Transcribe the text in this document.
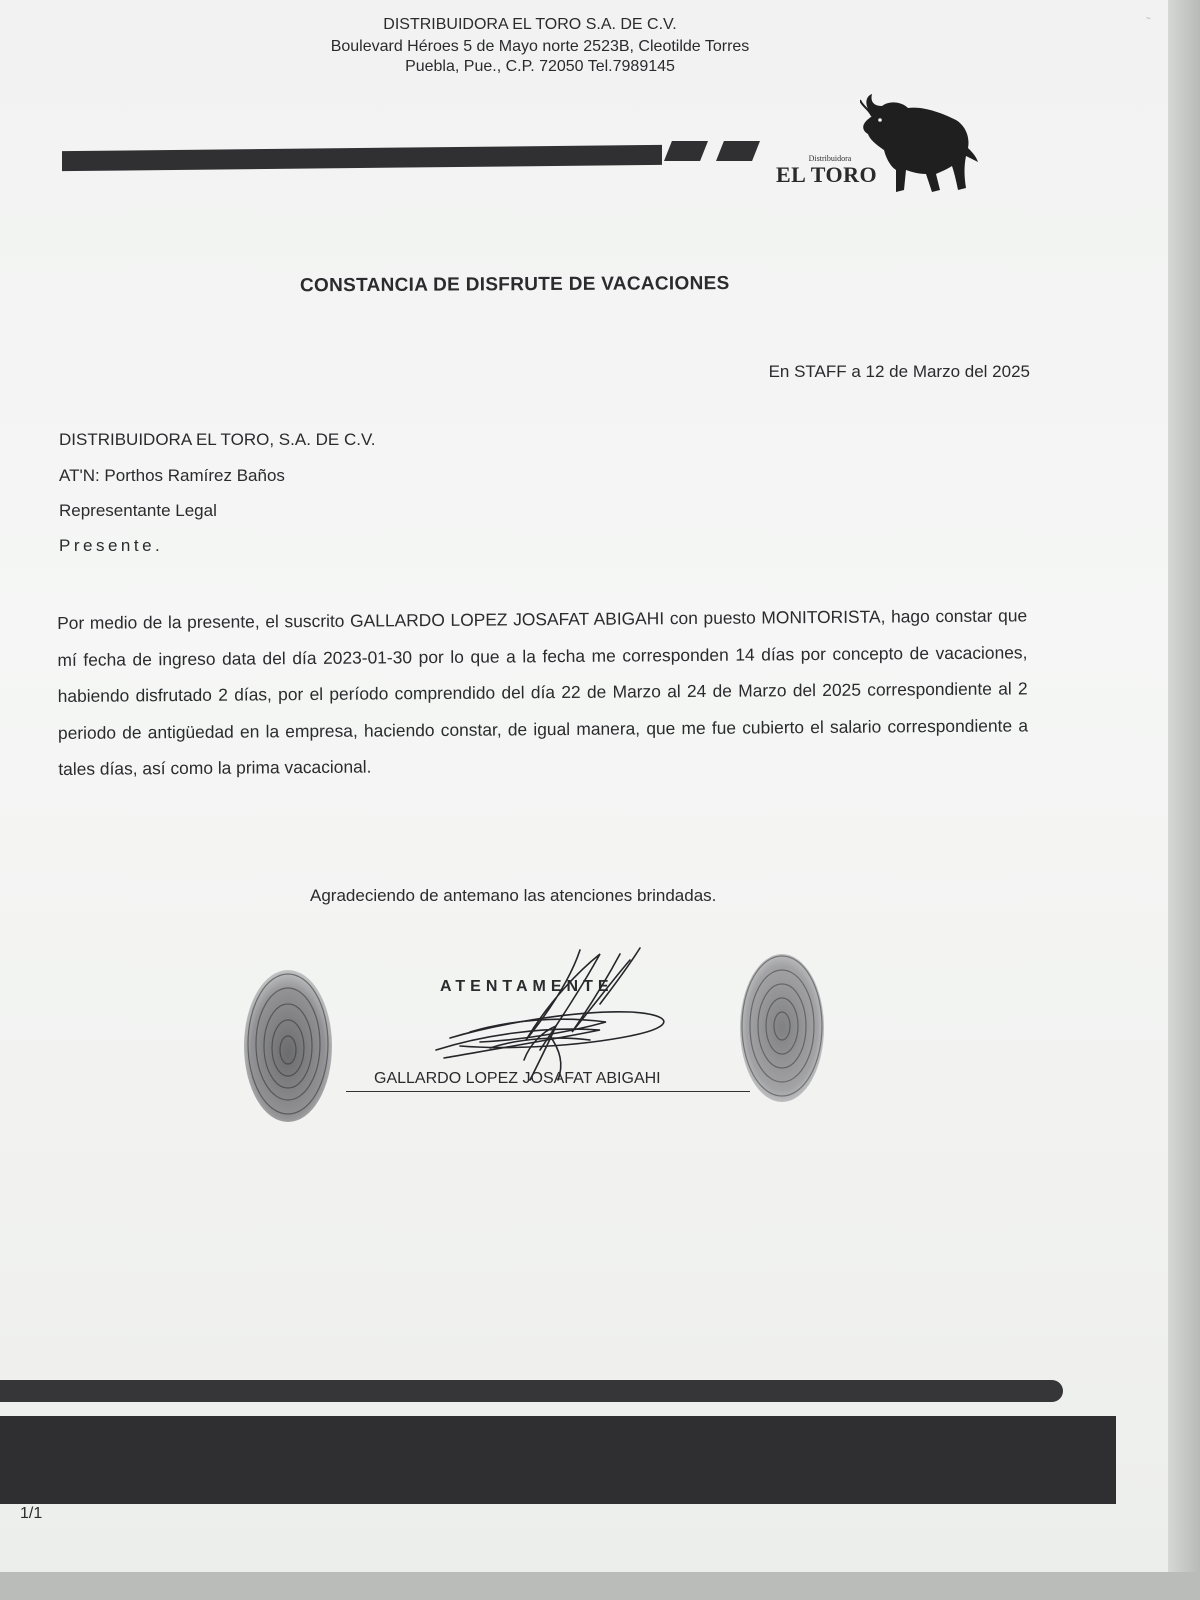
DISTRIBUIDORA EL TORO S.A. DE C.V.
Boulevard Héroes 5 de Mayo norte 2523B, Cleotilde Torres
Puebla, Pue., C.P. 72050 Tel.7989145
Distribuidora
EL TORO
CONSTANCIA DE DISFRUTE DE VACACIONES
En STAFF a 12 de Marzo del 2025
DISTRIBUIDORA EL TORO, S.A. DE C.V.
AT'N: Porthos Ramírez Baños
Representante Legal
Presente.
Por medio de la presente, el suscrito GALLARDO LOPEZ JOSAFAT ABIGAHI con puesto MONITORISTA, hago constar que mí fecha de ingreso data del día 2023-01-30 por lo que a la fecha me corresponden 14 días por concepto de vacaciones, habiendo disfrutado 2 días, por el período comprendido del día 22 de Marzo al 24 de Marzo del 2025 correspondiente al 2 periodo de antigüedad en la empresa, haciendo constar, de igual manera, que me fue cubierto el salario correspondiente a tales días, así como la prima vacacional.
Agradeciendo de antemano las atenciones brindadas.
ATENTAMENTE
GALLARDO LOPEZ JOSAFAT ABIGAHI
1/1
~
